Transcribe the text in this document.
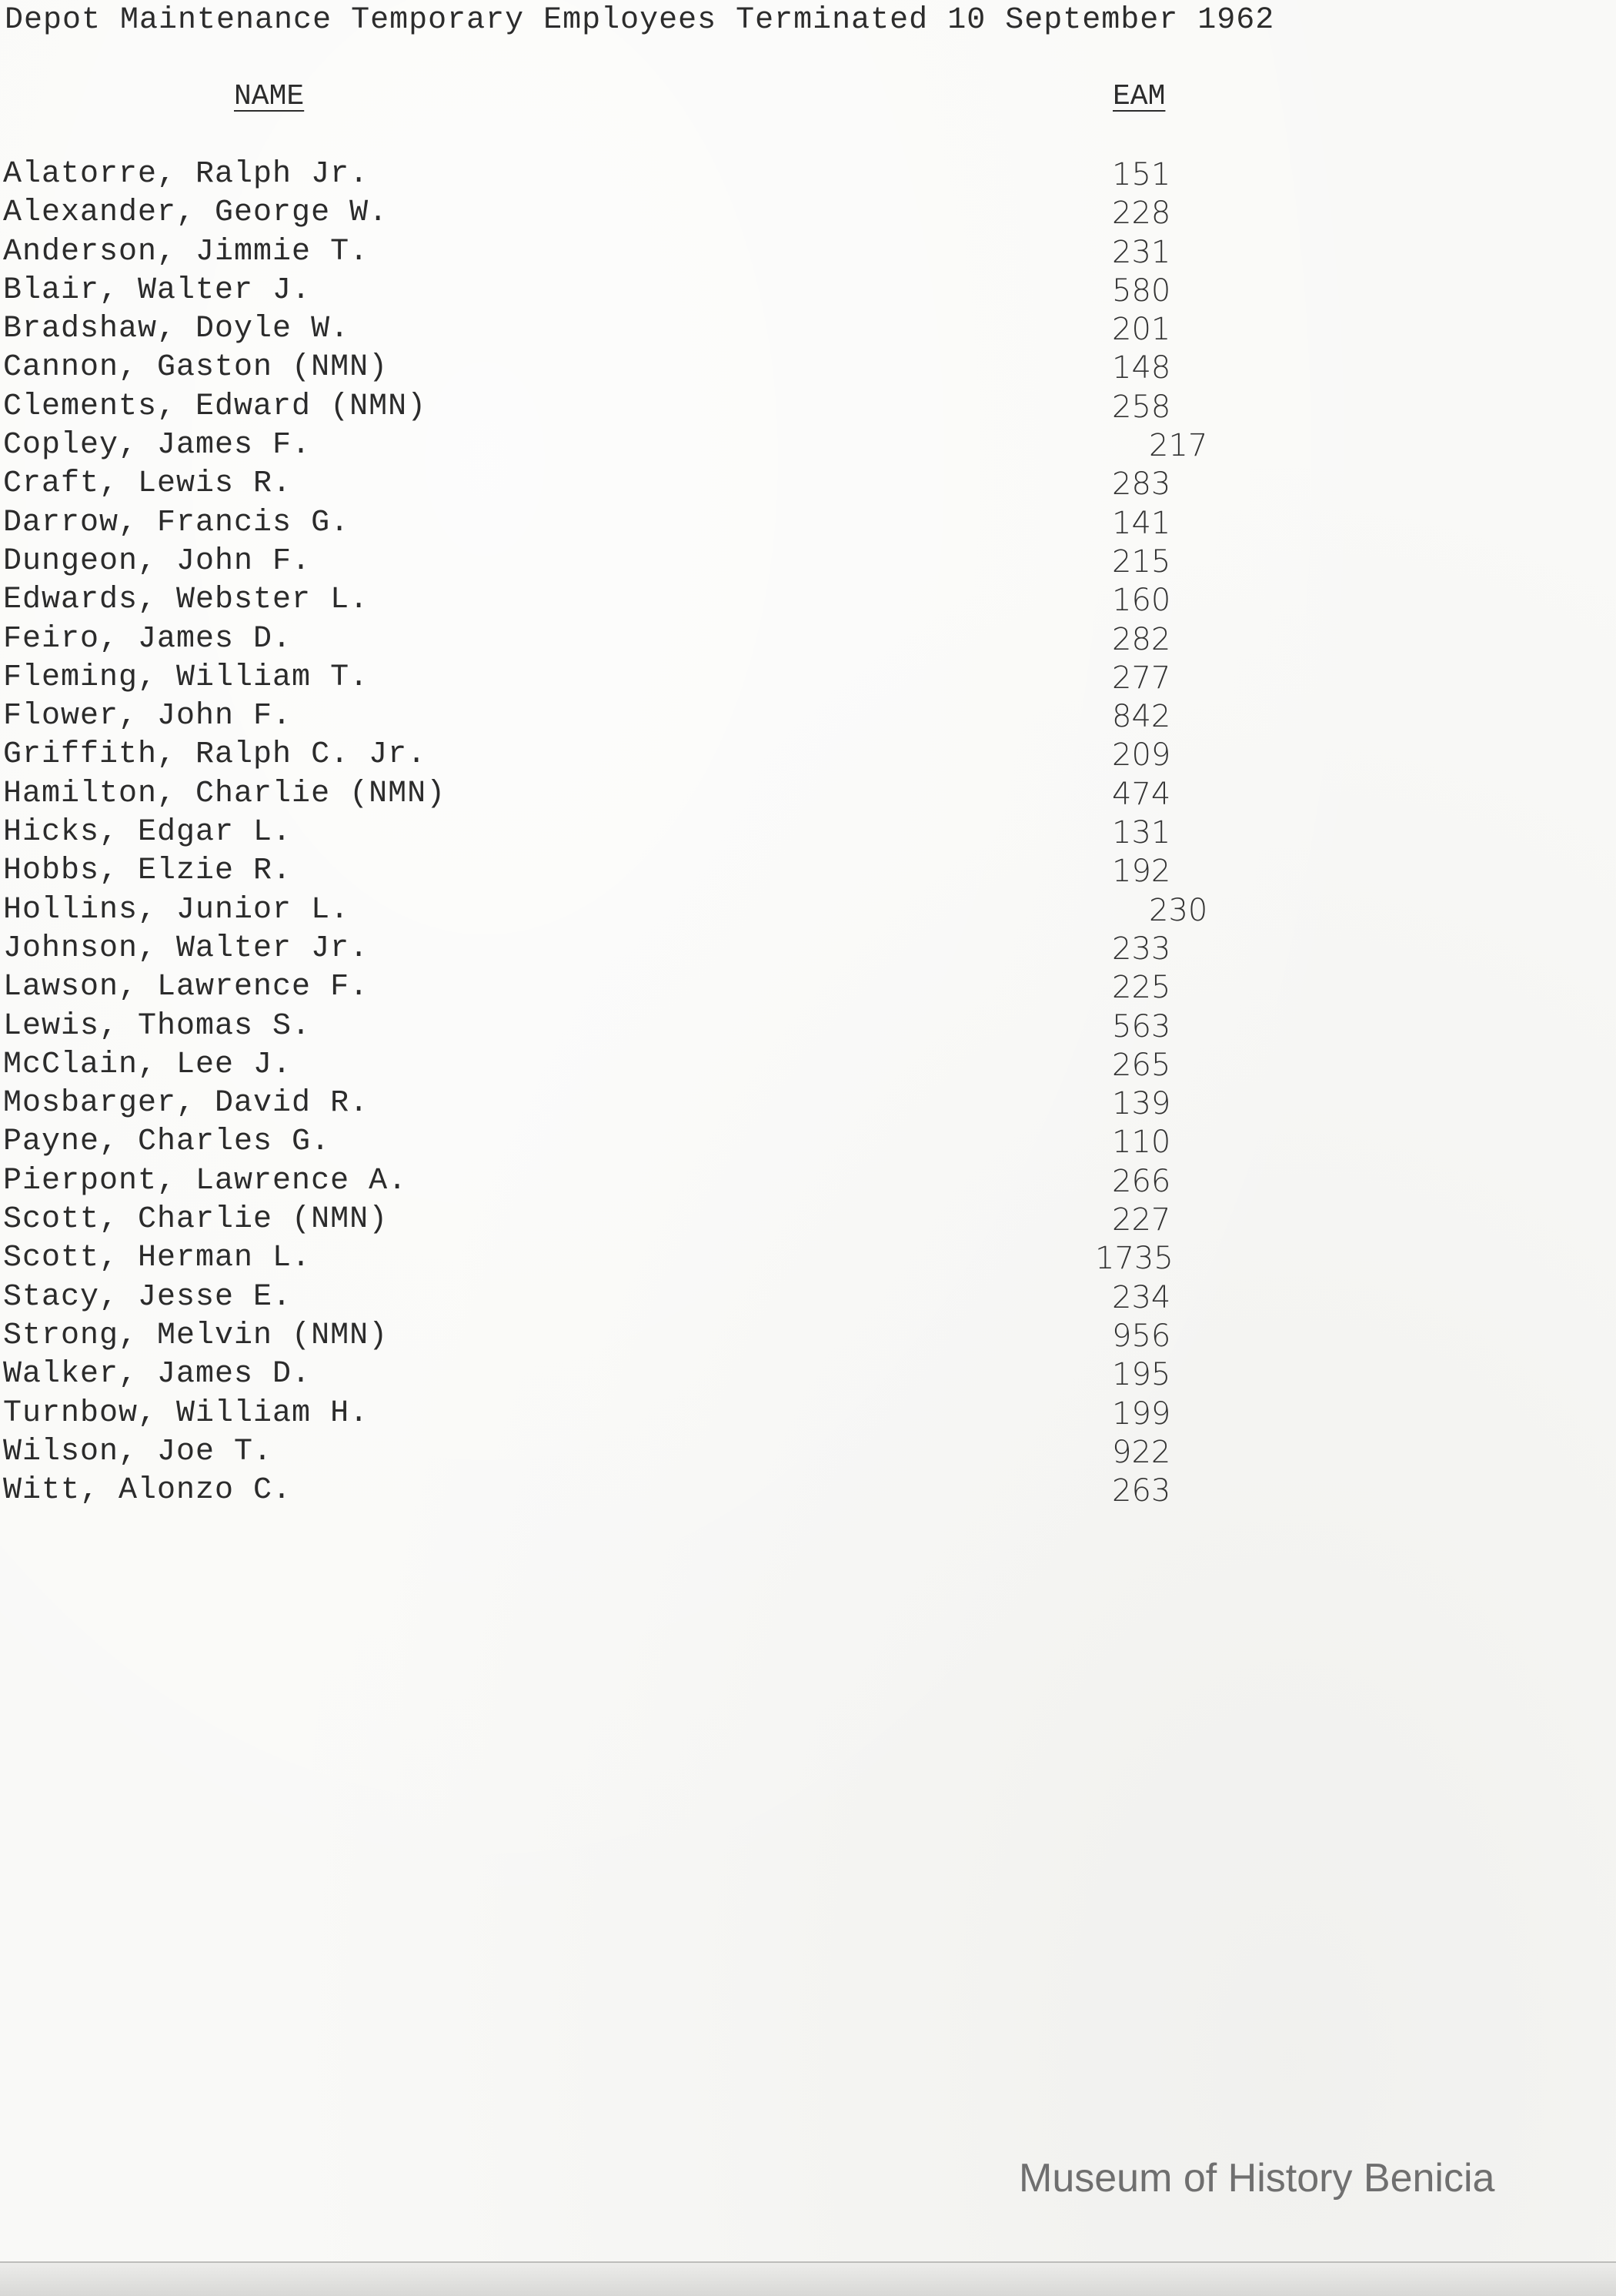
Depot Maintenance Temporary Employees Terminated 10 September 1962
NAME	EAM
Alatorre, Ralph Jr.	151
Alexander, George W.	228
Anderson, Jimmie T.	231
Blair, Walter J.	580
Bradshaw, Doyle W.	201
Cannon, Gaston (NMN)	148
Clements, Edward (NMN)	258
Copley, James F.	217
Craft, Lewis R.	283
Darrow, Francis G.	141
Dungeon, John F.	215
Edwards, Webster L.	160
Feiro, James D.	282
Fleming, William T.	277
Flower, John F.	842
Griffith, Ralph C. Jr.	209
Hamilton, Charlie (NMN)	474
Hicks, Edgar L.	131
Hobbs, Elzie R.	192
Hollins, Junior L.	230
Johnson, Walter Jr.	233
Lawson, Lawrence F.	225
Lewis, Thomas S.	563
McClain, Lee J.	265
Mosbarger, David R.	139
Payne, Charles G.	110
Pierpont, Lawrence A.	266
Scott, Charlie (NMN)	227
Scott, Herman L.	1735
Stacy, Jesse E.	234
Strong, Melvin (NMN)	956
Walker, James D.	195
Turnbow, William H.	199
Wilson, Joe T.	922
Witt, Alonzo C.	263
Museum of History Benicia
